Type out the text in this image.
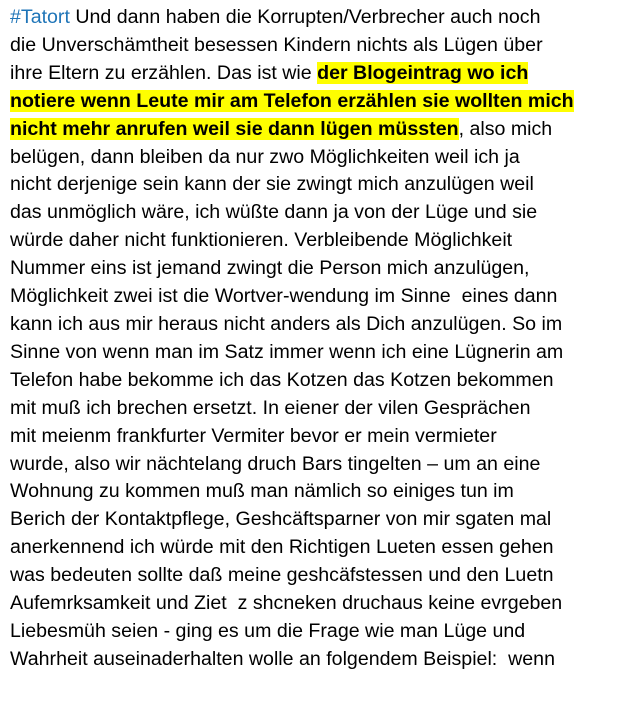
#Tatort Und dann haben die Korrupten/Verbrecher auch noch
die Unverschämtheit besessen Kindern nichts als Lügen über
ihre Eltern zu erzählen. Das ist wie der Blogeintrag wo ich
notiere wenn Leute mir am Telefon erzählen sie wollten mich
nicht mehr anrufen weil sie dann lügen müssten, also mich
belügen, dann bleiben da nur zwo Möglichkeiten weil ich ja
nicht derjenige sein kann der sie zwingt mich anzulügen weil
das unmöglich wäre, ich wüßte dann ja von der Lüge und sie
würde daher nicht funktionieren. Verbleibende Möglichkeit
Nummer eins ist jemand zwingt die Person mich anzulügen,
Möglichkeit zwei ist die Wortver-wendung im Sinne  eines dann
kann ich aus mir heraus nicht anders als Dich anzulügen. So im
Sinne von wenn man im Satz immer wenn ich eine Lügnerin am
Telefon habe bekomme ich das Kotzen das Kotzen bekommen
mit muß ich brechen ersetzt. In eiener der vilen Gesprächen
mit meienm frankfurter Vermiter bevor er mein vermieter
wurde, also wir nächtelang druch Bars tingelten – um an eine
Wohnung zu kommen muß man nämlich so einiges tun im
Berich der Kontaktpflege, Geshcäftsparner von mir sgaten mal
anerkennend ich würde mit den Richtigen Lueten essen gehen
was bedeuten sollte daß meine geshcäfstessen und den Luetn
Aufemrksamkeit und Ziet  z shcneken druchaus keine evrgeben
Liebesmüh seien - ging es um die Frage wie man Lüge und
Wahrheit auseinaderhalten wolle an folgendem Beispiel:  wenn
